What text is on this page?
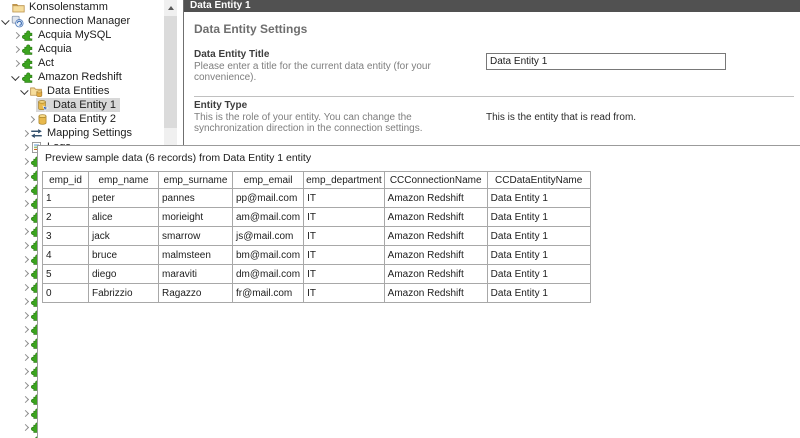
Konsolenstamm
Connection Manager
Acquia MySQL
Acquia
Act
Amazon Redshift
Data Entities
Data Entity 1
Data Entity 2
Mapping Settings
Data Entity 1
Data Entity Settings
Data Entity Title
Please enter a title for the current data entity (for your
convenience).
Data Entity 1
Entity Type
This is the role of your entity. You can change the
synchronization direction in the connection settings.
This is the entity that is read from.
Preview sample data (6 records) from Data Entity 1 entity
emp_id	emp_name	emp_surname	emp_email	emp_department	CCConnectionName	CCDataEntityName
1	peter	pannes	pp@mail.com	IT	Amazon Redshift	Data Entity 1
2	alice	morieight	am@mail.com	IT	Amazon Redshift	Data Entity 1
3	jack	smarrow	js@mail.com	IT	Amazon Redshift	Data Entity 1
4	bruce	malmsteen	bm@mail.com	IT	Amazon Redshift	Data Entity 1
5	diego	maraviti	dm@mail.com	IT	Amazon Redshift	Data Entity 1
0	Fabrizzio	Ragazzo	fr@mail.com	IT	Amazon Redshift	Data Entity 1
